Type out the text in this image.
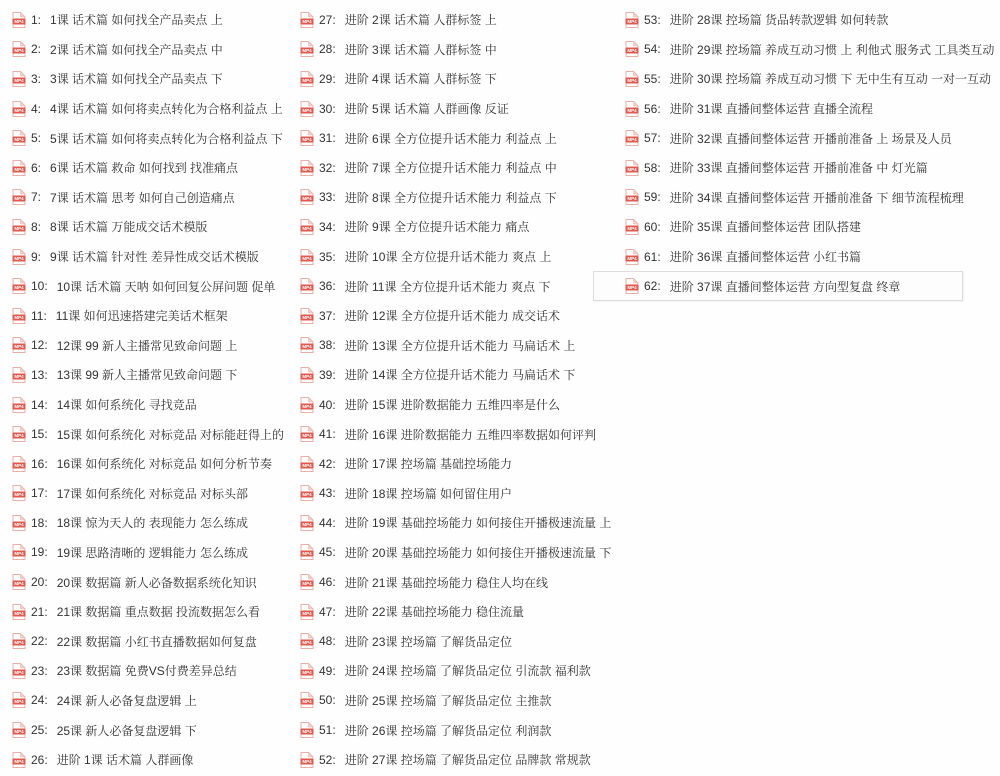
MP4 1: 1课 话术篇 如何找全产品卖点 上
MP4 2: 2课 话术篇 如何找全产品卖点 中
MP4 3: 3课 话术篇 如何找全产品卖点 下
MP4 4: 4课 话术篇 如何将卖点转化为合格利益点 上
MP4 5: 5课 话术篇 如何将卖点转化为合格利益点 下
MP4 6: 6课 话术篇 救命 如何找到 找准痛点
MP4 7: 7课 话术篇 思考 如何自己创造痛点
MP4 8: 8课 话术篇 万能成交话术模版
MP4 9: 9课 话术篇 针对性 差异性成交话术模版
MP4 10: 10课 话术篇 天呐 如何回复公屏问题 促单
MP4 11: 11课 如何迅速搭建完美话术框架
MP4 12: 12课 99 新人主播常见致命问题 上
MP4 13: 13课 99 新人主播常见致命问题 下
MP4 14: 14课 如何系统化 寻找竞品
MP4 15: 15课 如何系统化 对标竞品 对标能赶得上的
MP4 16: 16课 如何系统化 对标竞品 如何分析节奏
MP4 17: 17课 如何系统化 对标竞品 对标头部
MP4 18: 18课 惊为天人的 表现能力 怎么练成
MP4 19: 19课 思路清晰的 逻辑能力 怎么练成
MP4 20: 20课 数据篇 新人必备数据系统化知识
MP4 21: 21课 数据篇 重点数据 投流数据怎么看
MP4 22: 22课 数据篇 小红书直播数据如何复盘
MP4 23: 23课 数据篇 免费VS付费差异总结
MP4 24: 24课 新人必备复盘逻辑 上
MP4 25: 25课 新人必备复盘逻辑 下
MP4 26: 进阶 1课 话术篇 人群画像
MP4 27: 进阶 2课 话术篇 人群标签 上
MP4 28: 进阶 3课 话术篇 人群标签 中
MP4 29: 进阶 4课 话术篇 人群标签 下
MP4 30: 进阶 5课 话术篇 人群画像 反证
MP4 31: 进阶 6课 全方位提升话术能力 利益点 上
MP4 32: 进阶 7课 全方位提升话术能力 利益点 中
MP4 33: 进阶 8课 全方位提升话术能力 利益点 下
MP4 34: 进阶 9课 全方位提升话术能力 痛点
MP4 35: 进阶 10课 全方位提升话术能力 爽点 上
MP4 36: 进阶 11课 全方位提升话术能力 爽点 下
MP4 37: 进阶 12课 全方位提升话术能力 成交话术
MP4 38: 进阶 13课 全方位提升话术能力 马扁话术 上
MP4 39: 进阶 14课 全方位提升话术能力 马扁话术 下
MP4 40: 进阶 15课 进阶数据能力 五维四率是什么
MP4 41: 进阶 16课 进阶数据能力 五维四率数据如何评判
MP4 42: 进阶 17课 控场篇 基础控场能力
MP4 43: 进阶 18课 控场篇 如何留住用户
MP4 44: 进阶 19课 基础控场能力 如何接住开播极速流量 上
MP4 45: 进阶 20课 基础控场能力 如何接住开播极速流量 下
MP4 46: 进阶 21课 基础控场能力 稳住人均在线
MP4 47: 进阶 22课 基础控场能力 稳住流量
MP4 48: 进阶 23课 控场篇 了解货品定位
MP4 49: 进阶 24课 控场篇 了解货品定位 引流款 福利款
MP4 50: 进阶 25课 控场篇 了解货品定位 主推款
MP4 51: 进阶 26课 控场篇 了解货品定位 利润款
MP4 52: 进阶 27课 控场篇 了解货品定位 品牌款 常规款
MP4 53: 进阶 28课 控场篇 货品转款逻辑 如何转款
MP4 54: 进阶 29课 控场篇 养成互动习惯 上 利他式 服务式 工具类互动
MP4 55: 进阶 30课 控场篇 养成互动习惯 下 无中生有互动 一对一互动
MP4 56: 进阶 31课 直播间整体运营 直播全流程
MP4 57: 进阶 32课 直播间整体运营 开播前准备 上 场景及人员
MP4 58: 进阶 33课 直播间整体运营 开播前准备 中 灯光篇
MP4 59: 进阶 34课 直播间整体运营 开播前准备 下 细节流程梳理
MP4 60: 进阶 35课 直播间整体运营 团队搭建
MP4 61: 进阶 36课 直播间整体运营 小红书篇
MP4 62: 进阶 37课 直播间整体运营 方向型复盘 终章
